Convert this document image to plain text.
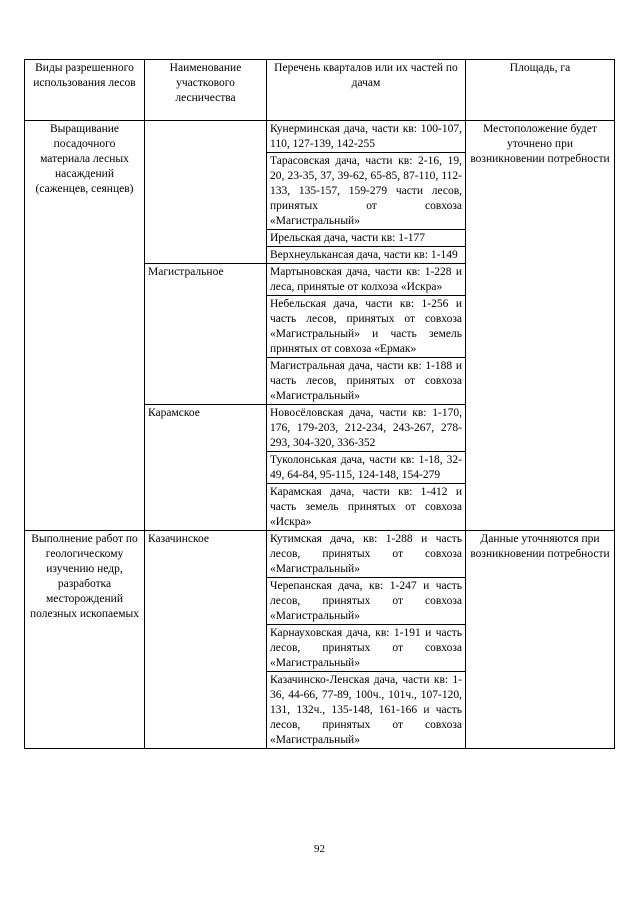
Виды разрешенного использования лесов	Наименование участкового лесничества	Перечень кварталов или их частей по дачам	Площадь, га
Выращивание посадочного материала лесных насаждений (саженцев, сеянцев)		Кунерминская дача, части кв: 100-107, 110, 127-139, 142-255
Тарасовская дача, части кв: 2-16, 19, 20, 23-35, 37, 39-62, 65-85, 87-110, 112-133, 135-157, 159-279 части лесов, принятых от совхоза «Магистральный»
Ирельская дача, части кв: 1-177
Верхнеулькансая дача, части кв: 1-149	Местоположение будет уточнено при возникновении потребности
	Магистральное	Мартыновская дача, части кв: 1-228 и леса, принятые от колхоза «Искра»
Небельская дача, части кв: 1-256 и часть лесов, принятых от совхоза «Магистральный» и часть земель принятых от совхоза «Ермак»
Магистральная дача, части кв: 1-188 и часть лесов, принятых от совхоза «Магистральный»	

	Карамское	Новосёловская дача, части кв: 1-170, 176, 179-203, 212-234, 243-267, 278-293, 304-320, 336-352
Туколонськая дача, части кв: 1-18, 32-49, 64-84, 95-115, 124-148, 154-279
Карамская дача, части кв: 1-412 и часть земель принятых от совхоза «Искра»	

Выполнение работ по геологическому изучению недр, разработка месторождений полезных ископаемых	Казачинское	Кутимская дача, кв: 1-288 и часть лесов, принятых от совхоза «Магистральный»
Черепанская дача, кв: 1-247 и часть лесов, принятых от совхоза «Магистральный»
Карнауховская дача, кв: 1-191 и часть лесов, принятых от совхоза «Магистральный»
Казачинско-Ленская дача, части кв: 1-36, 44-66, 77-89, 100ч., 101ч., 107-120, 131, 132ч., 135-148, 161-166 и часть лесов, принятых от совхоза «Магистральный»	Данные уточняются при возникновении потребности
92
